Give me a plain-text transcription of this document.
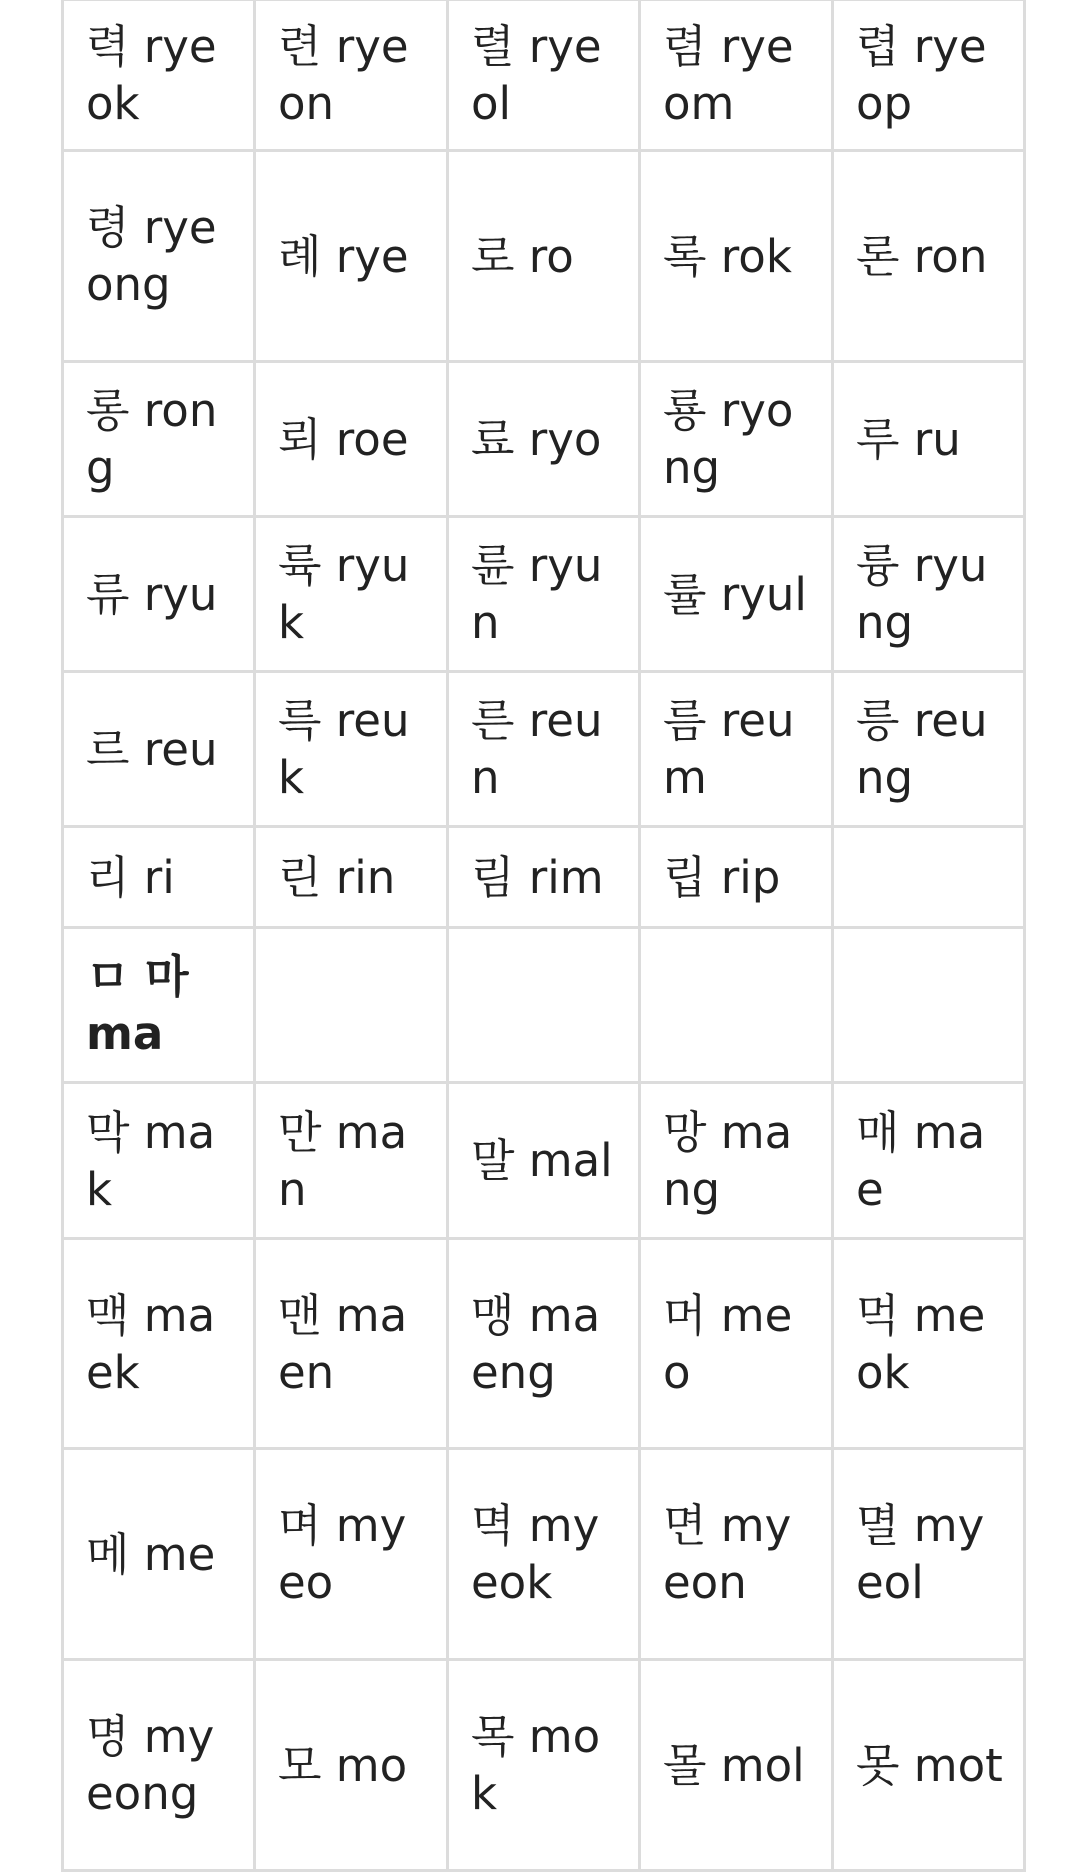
력 ryeok	련 ryeon	렬 ryeol	렴 ryeom	렵 ryeop
령 ryeong	례 rye	로 ro	록 rok	론 ron
롱 rong	뢰 roe	료 ryo	룡 ryong	루 ru
류 ryu	륙 ryuk	륜 ryun	률 ryul	륭 ryung
르 reu	륵 reuk	른 reun	름 reum	릉 reung
리 ri	린 rin	림 rim	립 rip	
ㅁ 마 ma				
막 mak	만 man	말 mal	망 mang	매 mae
맥 maek	맨 maen	맹 maeng	머 meo	먹 meok
메 me	며 myeo	멱 myeok	면 myeon	멸 myeol
명 myeong	모 mo	목 mok	몰 mol	못 mot
